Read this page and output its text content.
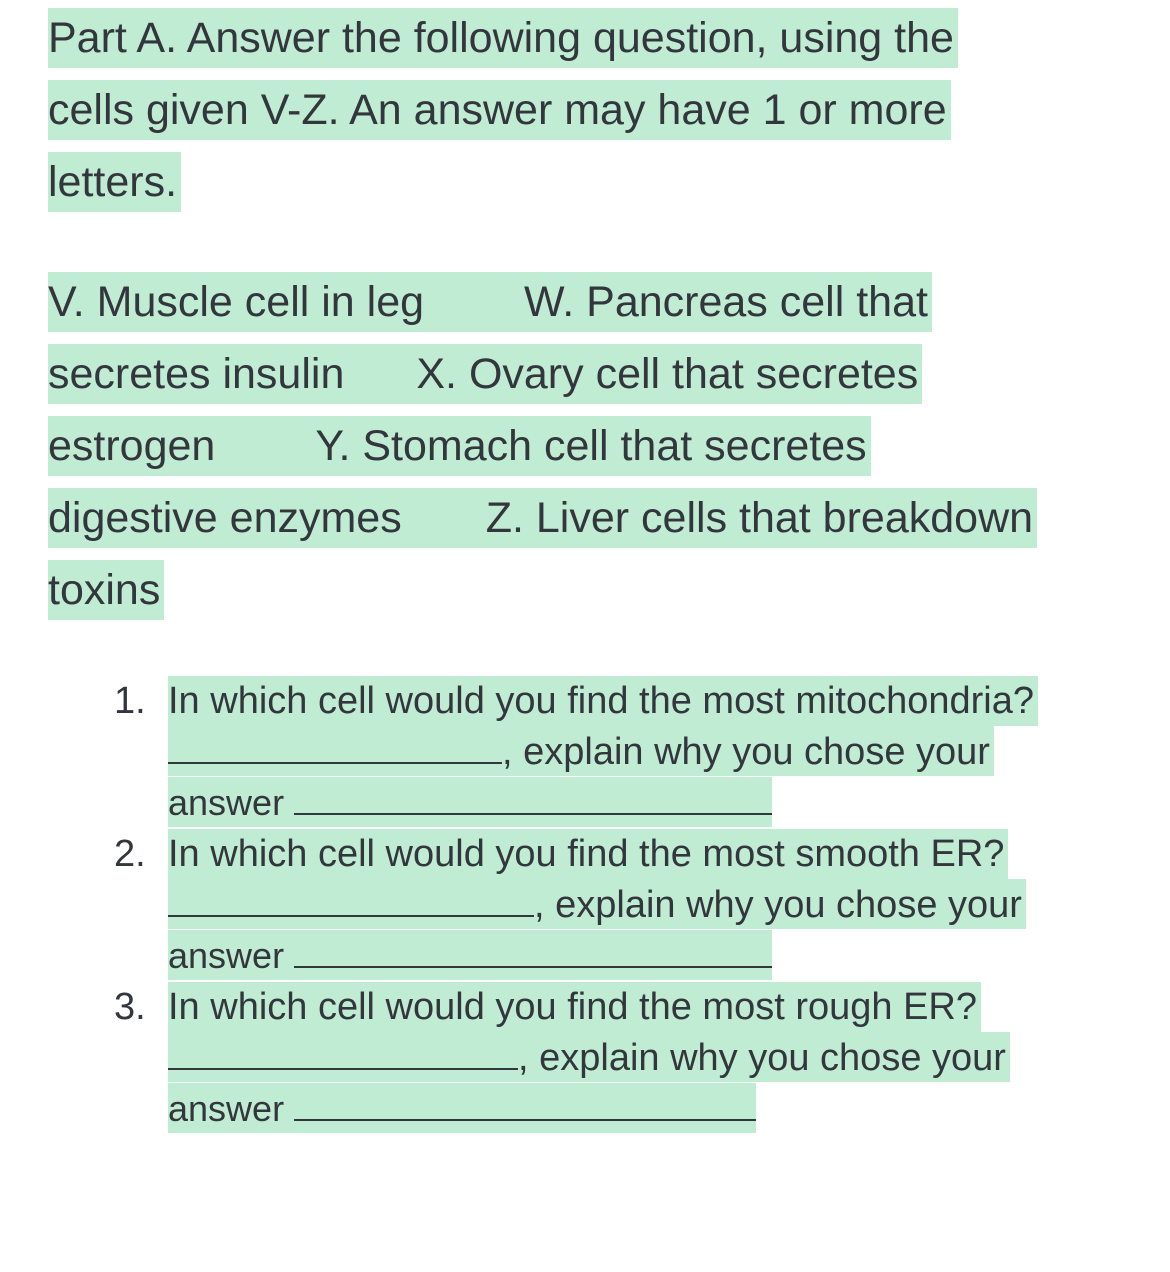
Part A. Answer the following question, using the
cells given V-Z. An answer may have 1 or more
letters.
V. Muscle cell in leg W. Pancreas cell that
secretes insulin X. Ovary cell that secretes
estrogen Y. Stomach cell that secretes
digestive enzymes Z. Liver cells that breakdown
toxins
1. In which cell would you find the most mitochondria?
, explain why you chose your
answer
2. In which cell would you find the most smooth ER?
, explain why you chose your
answer
3. In which cell would you find the most rough ER?
, explain why you chose your
answer
